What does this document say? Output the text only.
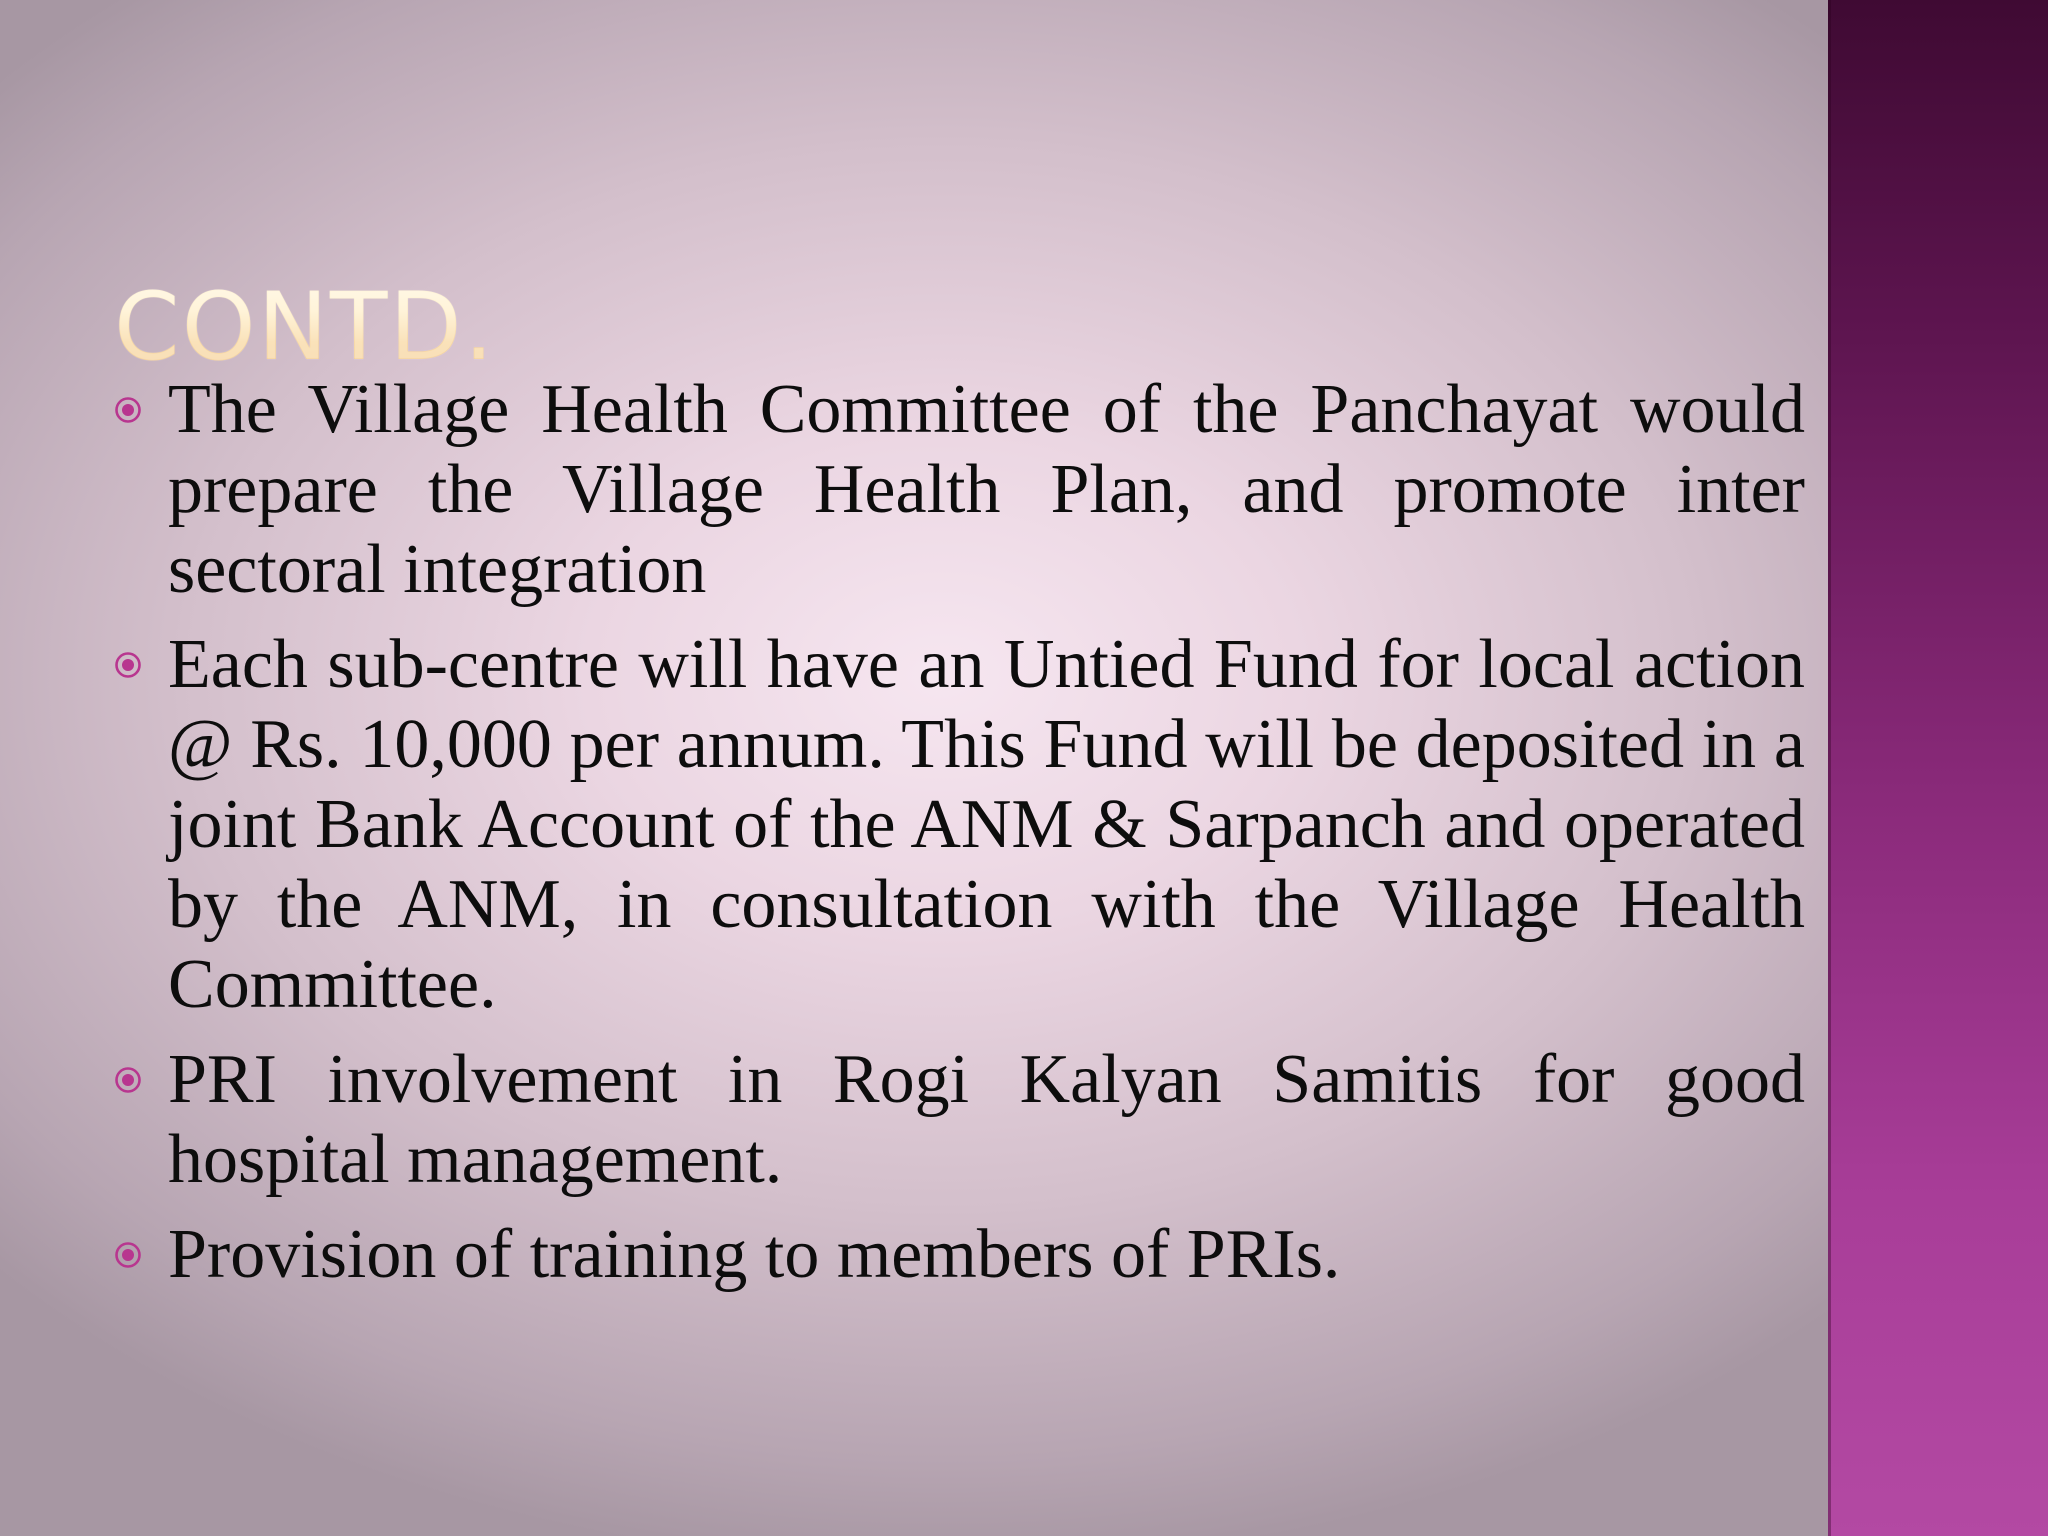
CONTD.
The Village Health Committee of the Panchayat would prepare the Village Health Plan, and promote inter sectoral integration
Each sub-centre will have an Untied Fund for local action @ Rs. 10,000 per annum. This Fund will be deposited in a joint Bank Account of the ANM & Sarpanch and operated by the ANM, in consultation with the Village Health Committee.
PRI involvement in Rogi Kalyan Samitis for good hospital management.
Provision of training to members of PRIs.
